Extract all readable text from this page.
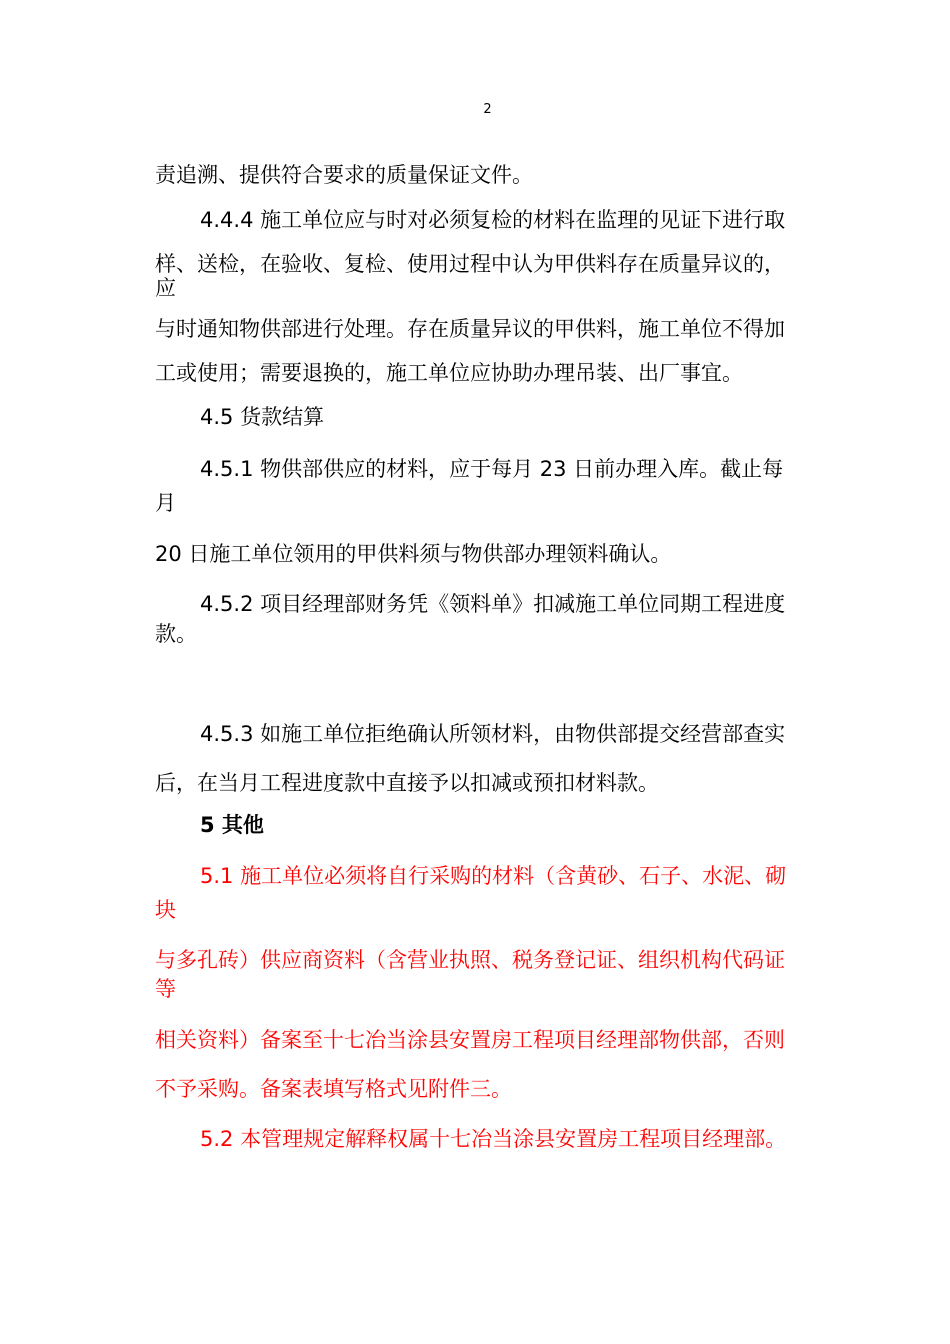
2
责追溯、提供符合要求的质量保证文件。
4.4.4 施工单位应与时对必须复检的材料在监理的见证下进行取
样、送检，在验收、复检、使用过程中认为甲供料存在质量异议的，
应
与时通知物供部进行处理。存在质量异议的甲供料，施工单位不得加
工或使用；需要退换的，施工单位应协助办理吊装、出厂事宜。
4.5 货款结算
4.5.1 物供部供应的材料，应于每月 23 日前办理入库。截止每
月
20 日施工单位领用的甲供料须与物供部办理领料确认。
4.5.2 项目经理部财务凭《领料单》扣减施工单位同期工程进度
款。
4.5.3 如施工单位拒绝确认所领材料，由物供部提交经营部查实
后，在当月工程进度款中直接予以扣减或预扣材料款。
5 其他
5.1 施工单位必须将自行采购的材料（含黄砂、石子、水泥、砌
块
与多孔砖）供应商资料（含营业执照、税务登记证、组织机构代码证
等
相关资料）备案至十七冶当涂县安置房工程项目经理部物供部，否则
不予采购。备案表填写格式见附件三。
5.2 本管理规定解释权属十七冶当涂县安置房工程项目经理部。
